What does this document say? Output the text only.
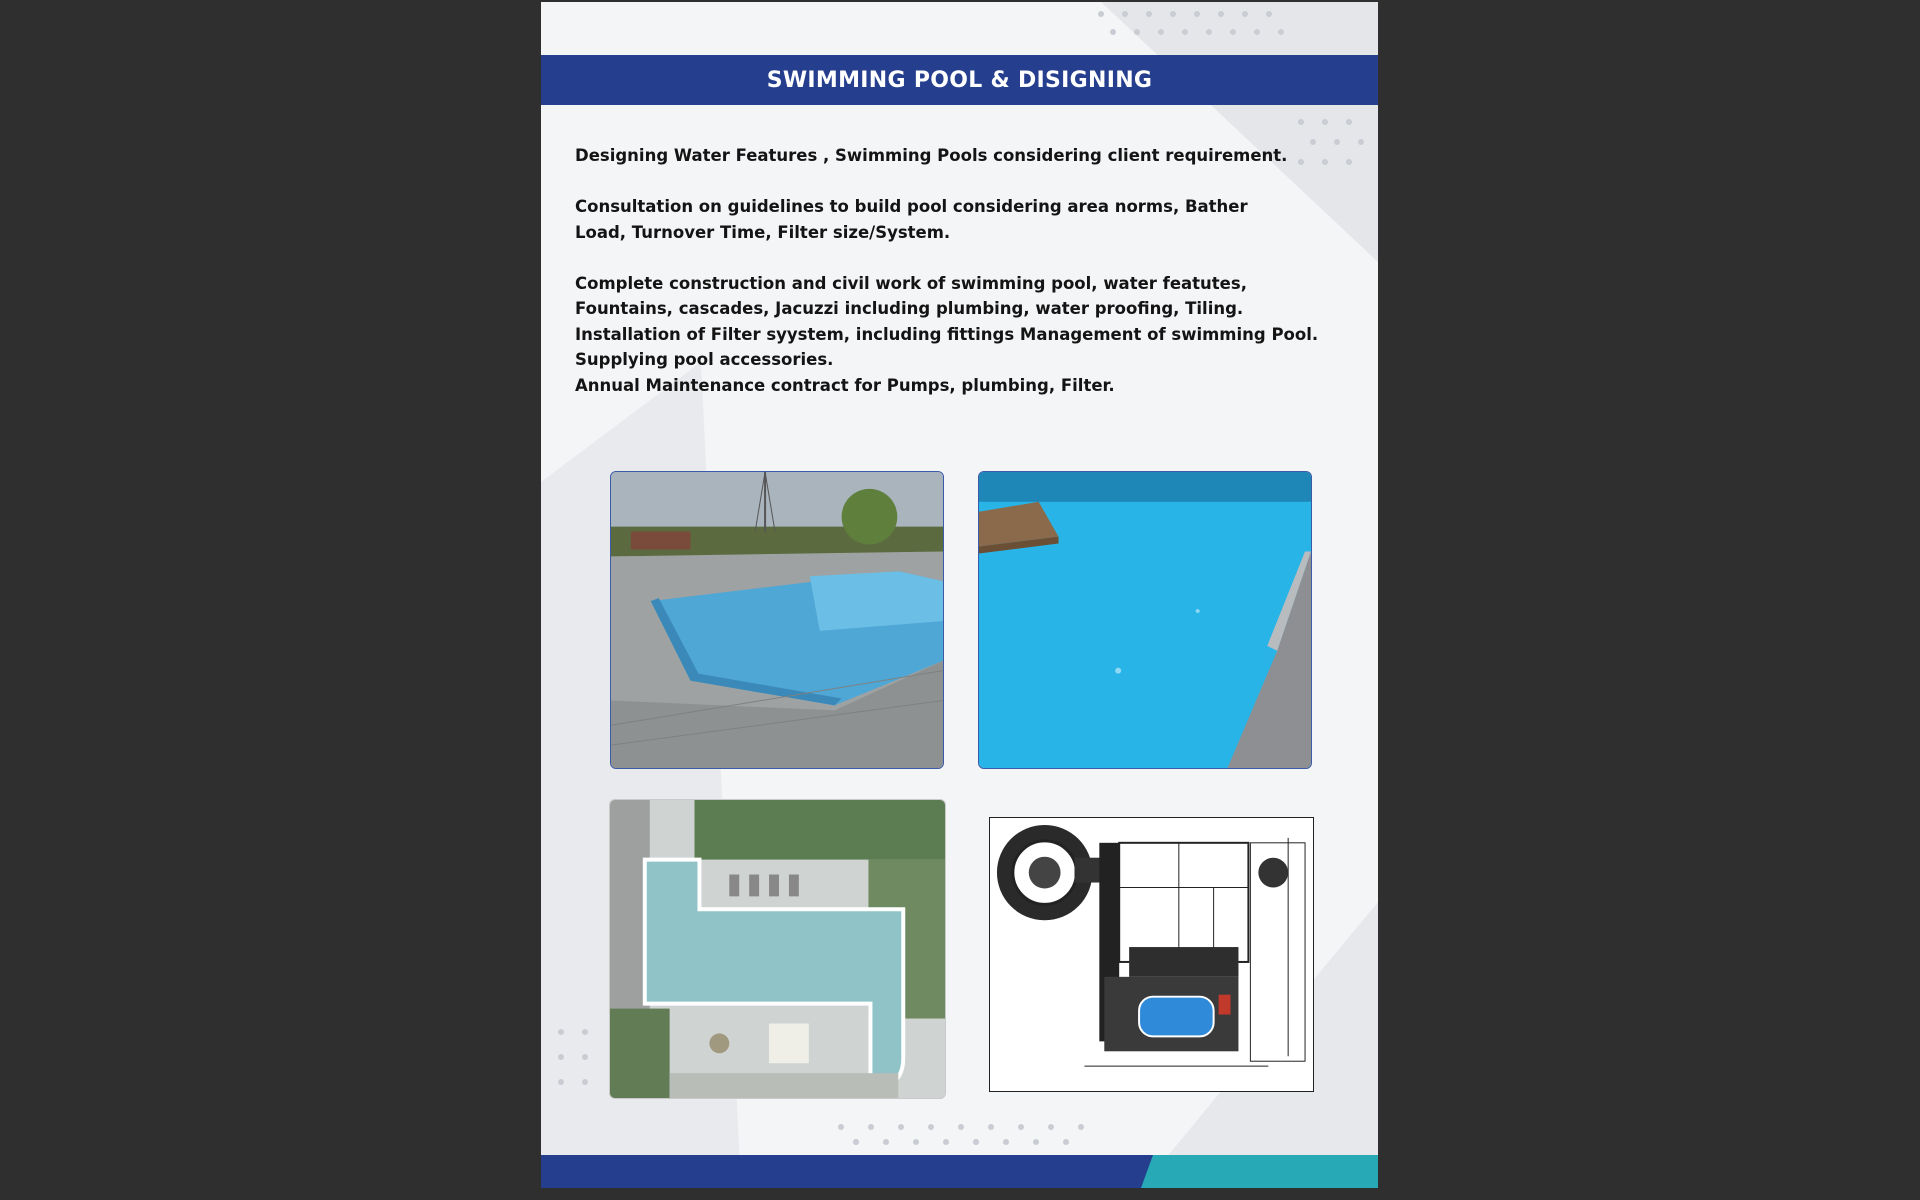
SWIMMING POOL & DISIGNING

Designing Water Features , Swimming Pools considering client requirement.

Consultation on guidelines to build pool considering area norms, Bather Load, Turnover Time, Filter size/System.

Complete construction and civil work of swimming pool, water featutes, Fountains, cascades, Jacuzzi including plumbing, water proofing, Tiling.

Installation of Filter syystem, including fittings Management of swimming Pool.

Supplying pool accessories.

Annual Maintenance contract for Pumps, plumbing, Filter.
